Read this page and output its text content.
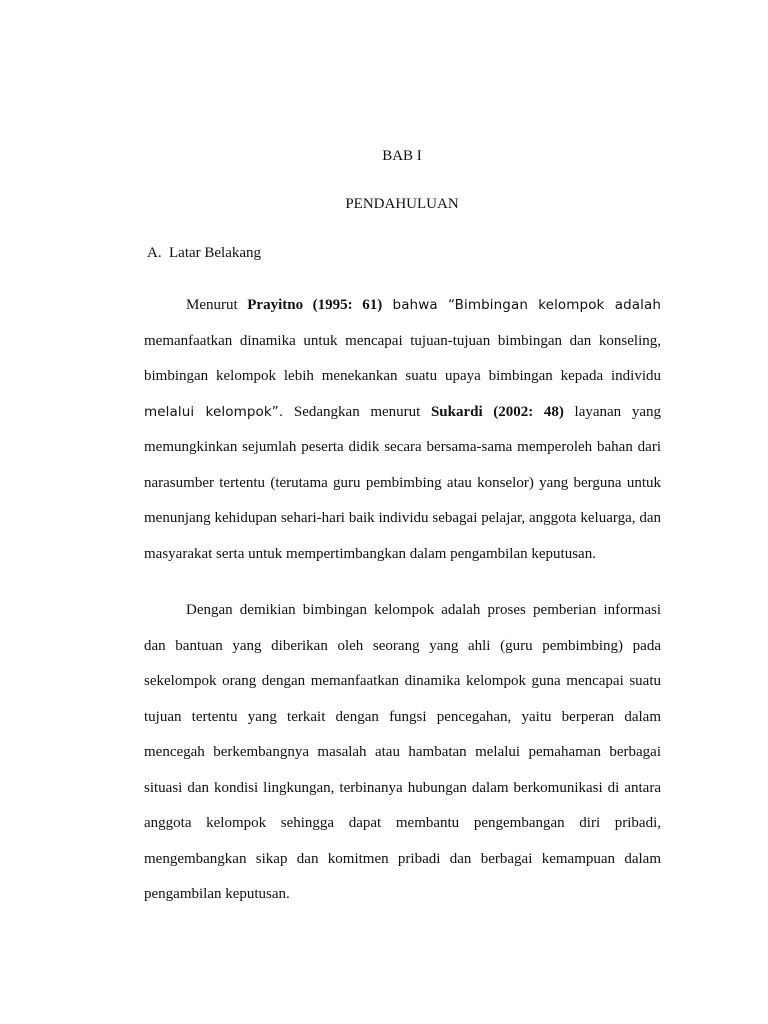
BAB I
PENDAHULUAN
A. Latar Belakang
Menurut Prayitno (1995: 61) bahwa “Bimbingan kelompok adalah
memanfaatkan dinamika untuk mencapai tujuan-tujuan bimbingan dan konseling,
bimbingan kelompok lebih menekankan suatu upaya bimbingan kepada individu
melalui kelompok”. Sedangkan menurut Sukardi (2002: 48) layanan yang
memungkinkan sejumlah peserta didik secara bersama-sama memperoleh bahan dari
narasumber tertentu (terutama guru pembimbing atau konselor) yang berguna untuk
menunjang kehidupan sehari-hari baik individu sebagai pelajar, anggota keluarga, dan
masyarakat serta untuk mempertimbangkan dalam pengambilan keputusan.
Dengan demikian bimbingan kelompok adalah proses pemberian informasi
dan bantuan yang diberikan oleh seorang yang ahli (guru pembimbing) pada
sekelompok orang dengan memanfaatkan dinamika kelompok guna mencapai suatu
tujuan tertentu yang terkait dengan fungsi pencegahan, yaitu berperan dalam
mencegah berkembangnya masalah atau hambatan melalui pemahaman berbagai
situasi dan kondisi lingkungan, terbinanya hubungan dalam berkomunikasi di antara
anggota kelompok sehingga dapat membantu pengembangan diri pribadi,
mengembangkan sikap dan komitmen pribadi dan berbagai kemampuan dalam
pengambilan keputusan.
